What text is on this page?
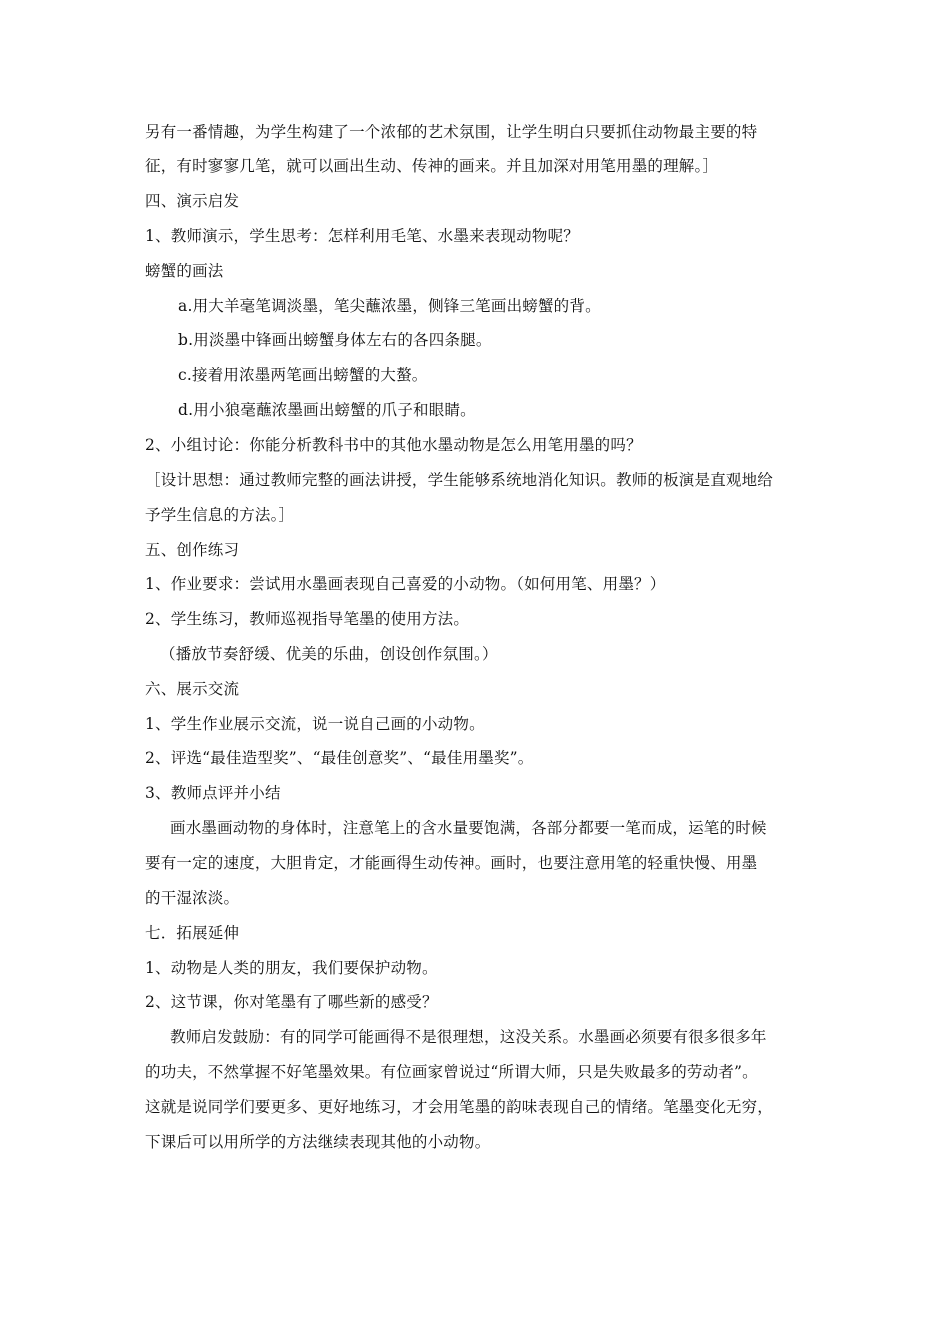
另有一番情趣，为学生构建了一个浓郁的艺术氛围，让学生明白只要抓住动物最主要的特
征，有时寥寥几笔，就可以画出生动、传神的画来。并且加深对用笔用墨的理解。］
四、演示启发
1、教师演示，学生思考：怎样利用毛笔、水墨来表现动物呢？
螃蟹的画法
a.用大羊毫笔调淡墨，笔尖蘸浓墨，侧锋三笔画出螃蟹的背。
b.用淡墨中锋画出螃蟹身体左右的各四条腿。
c.接着用浓墨两笔画出螃蟹的大螯。
d.用小狼毫蘸浓墨画出螃蟹的爪子和眼睛。
2、小组讨论：你能分析教科书中的其他水墨动物是怎么用笔用墨的吗？
［设计思想：通过教师完整的画法讲授，学生能够系统地消化知识。教师的板演是直观地给
予学生信息的方法。］
五、创作练习
1、作业要求：尝试用水墨画表现自己喜爱的小动物。（如何用笔、用墨？）
2、学生练习，教师巡视指导笔墨的使用方法。
（播放节奏舒缓、优美的乐曲，创设创作氛围。）
六、展示交流
1、学生作业展示交流，说一说自己画的小动物。
2、评选“最佳造型奖”、“最佳创意奖”、“最佳用墨奖”。
3、教师点评并小结
画水墨画动物的身体时，注意笔上的含水量要饱满，各部分都要一笔而成，运笔的时候
要有一定的速度，大胆肯定，才能画得生动传神。画时，也要注意用笔的轻重快慢、用墨
的干湿浓淡。
七．拓展延伸
1、动物是人类的朋友，我们要保护动物。
2、这节课，你对笔墨有了哪些新的感受？
教师启发鼓励：有的同学可能画得不是很理想，这没关系。水墨画必须要有很多很多年
的功夫，不然掌握不好笔墨效果。有位画家曾说过“所谓大师，只是失败最多的劳动者”。
这就是说同学们要更多、更好地练习，才会用笔墨的韵味表现自己的情绪。笔墨变化无穷，
下课后可以用所学的方法继续表现其他的小动物。
